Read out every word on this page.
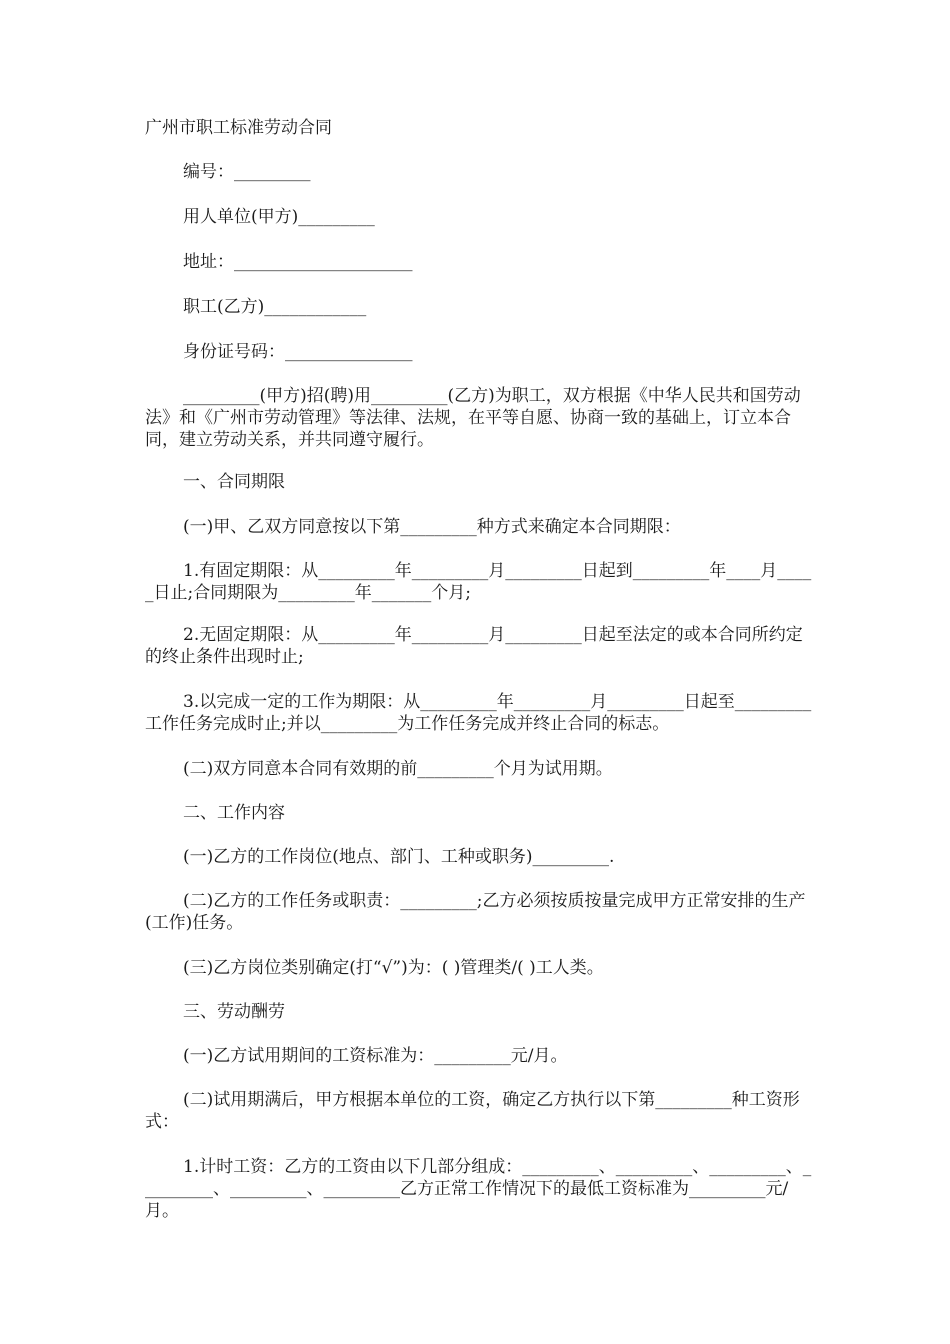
广州市职工标准劳动合同

编号：_________

用人单位(甲方)_________

地址：_____________________

职工(乙方)____________

身份证号码：_______________

_________(甲方)招(聘)用_________(乙方)为职工，双方根据《中华人民共和国劳动法》和《广州市劳动管理》等法律、法规，在平等自愿、协商一致的基础上，订立本合同，建立劳动关系，并共同遵守履行。

一、合同期限

(一)甲、乙双方同意按以下第_________种方式来确定本合同期限：

1.有固定期限：从_________年_________月_________日起到_________年____月_____日止;合同期限为_________年_______个月;

2.无固定期限：从_________年_________月_________日起至法定的或本合同所约定的终止条件出现时止;

3.以完成一定的工作为期限：从_________年_________月_________日起至_________工作任务完成时止;并以_________为工作任务完成并终止合同的标志。

(二)双方同意本合同有效期的前_________个月为试用期。

二、工作内容

(一)乙方的工作岗位(地点、部门、工种或职务)_________.

(二)乙方的工作任务或职责：_________;乙方必须按质按量完成甲方正常安排的生产(工作)任务。

(三)乙方岗位类别确定(打“√”)为：( )管理类/( )工人类。

三、劳动酬劳

(一)乙方试用期间的工资标准为：_________元/月。

(二)试用期满后，甲方根据本单位的工资，确定乙方执行以下第_________种工资形式：

1.计时工资：乙方的工资由以下几部分组成：_________、_________、_________、_________、_________、_________乙方正常工作情况下的最低工资标准为_________元/月。
